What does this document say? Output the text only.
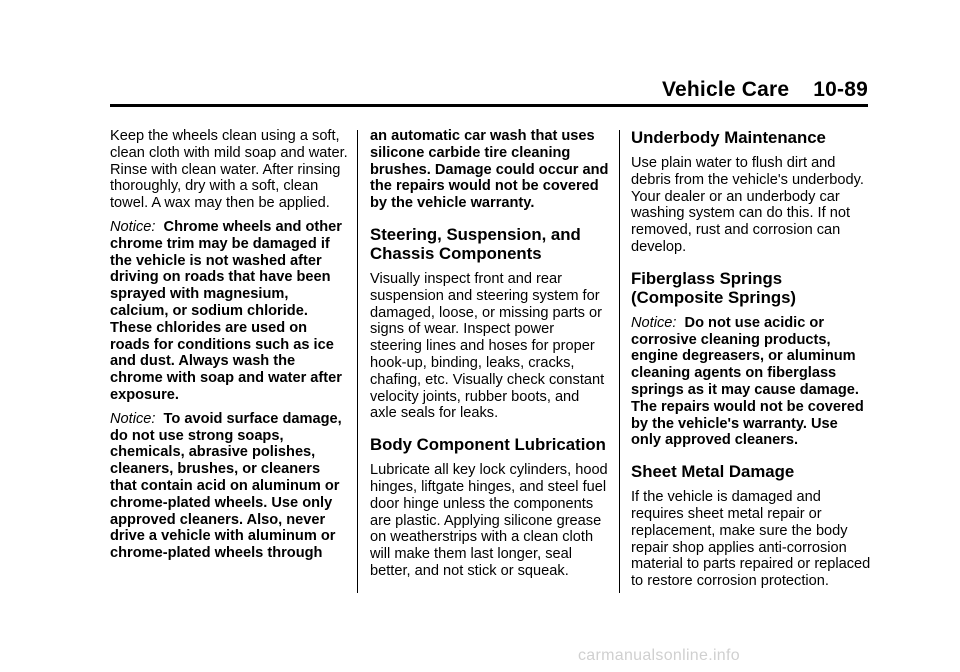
Vehicle Care 10-89

Keep the wheels clean using a soft, clean cloth with mild soap and water. Rinse with clean water. After rinsing thoroughly, dry with a soft, clean towel. A wax may then be applied.

Notice: Chrome wheels and other chrome trim may be damaged if the vehicle is not washed after driving on roads that have been sprayed with magnesium, calcium, or sodium chloride. These chlorides are used on roads for conditions such as ice and dust. Always wash the chrome with soap and water after exposure.

Notice: To avoid surface damage, do not use strong soaps, chemicals, abrasive polishes, cleaners, brushes, or cleaners that contain acid on aluminum or chrome-plated wheels. Use only approved cleaners. Also, never drive a vehicle with aluminum or chrome-plated wheels through

an automatic car wash that uses silicone carbide tire cleaning brushes. Damage could occur and the repairs would not be covered by the vehicle warranty.

Steering, Suspension, and Chassis Components

Visually inspect front and rear suspension and steering system for damaged, loose, or missing parts or signs of wear. Inspect power steering lines and hoses for proper hook-up, binding, leaks, cracks, chafing, etc. Visually check constant velocity joints, rubber boots, and axle seals for leaks.

Body Component Lubrication

Lubricate all key lock cylinders, hood hinges, liftgate hinges, and steel fuel door hinge unless the components are plastic. Applying silicone grease on weatherstrips with a clean cloth will make them last longer, seal better, and not stick or squeak.

Underbody Maintenance

Use plain water to flush dirt and debris from the vehicle's underbody. Your dealer or an underbody car washing system can do this. If not removed, rust and corrosion can develop.

Fiberglass Springs (Composite Springs)

Notice: Do not use acidic or corrosive cleaning products, engine degreasers, or aluminum cleaning agents on fiberglass springs as it may cause damage. The repairs would not be covered by the vehicle's warranty. Use only approved cleaners.

Sheet Metal Damage

If the vehicle is damaged and requires sheet metal repair or replacement, make sure the body repair shop applies anti-corrosion material to parts repaired or replaced to restore corrosion protection.

carmanualsonline.info
